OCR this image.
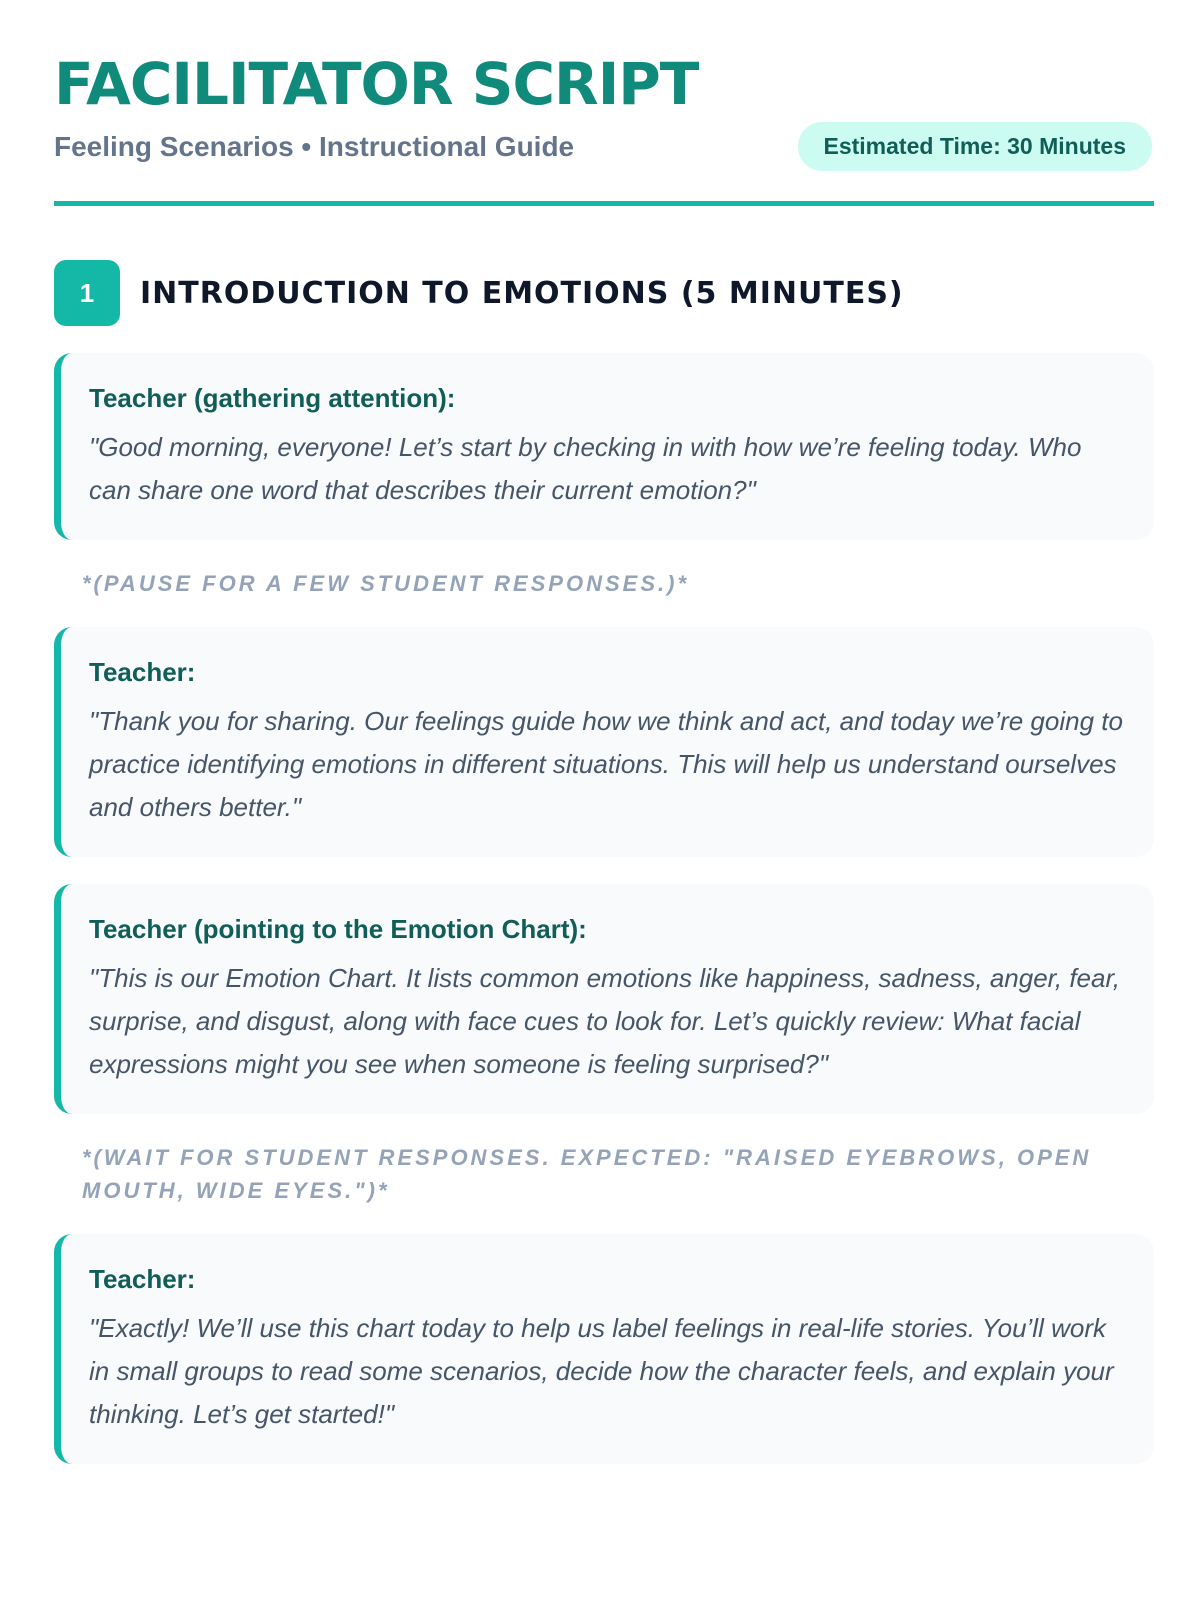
FACILITATOR SCRIPT
Feeling Scenarios • Instructional Guide	Estimated Time: 30 Minutes
1	INTRODUCTION TO EMOTIONS (5 MINUTES)
Teacher (gathering attention):
"Good morning, everyone! Let’s start by checking in with how we’re feeling today. Who can share one word that describes their current emotion?"
*(PAUSE FOR A FEW STUDENT RESPONSES.)*
Teacher:
"Thank you for sharing. Our feelings guide how we think and act, and today we’re going to practice identifying emotions in different situations. This will help us understand ourselves and others better."
Teacher (pointing to the Emotion Chart):
"This is our Emotion Chart. It lists common emotions like happiness, sadness, anger, fear, surprise, and disgust, along with face cues to look for. Let’s quickly review: What facial expressions might you see when someone is feeling surprised?"
*(WAIT FOR STUDENT RESPONSES. EXPECTED: "RAISED EYEBROWS, OPEN MOUTH, WIDE EYES.")*
Teacher:
"Exactly! We’ll use this chart today to help us label feelings in real-life stories. You’ll work in small groups to read some scenarios, decide how the character feels, and explain your thinking. Let’s get started!"
